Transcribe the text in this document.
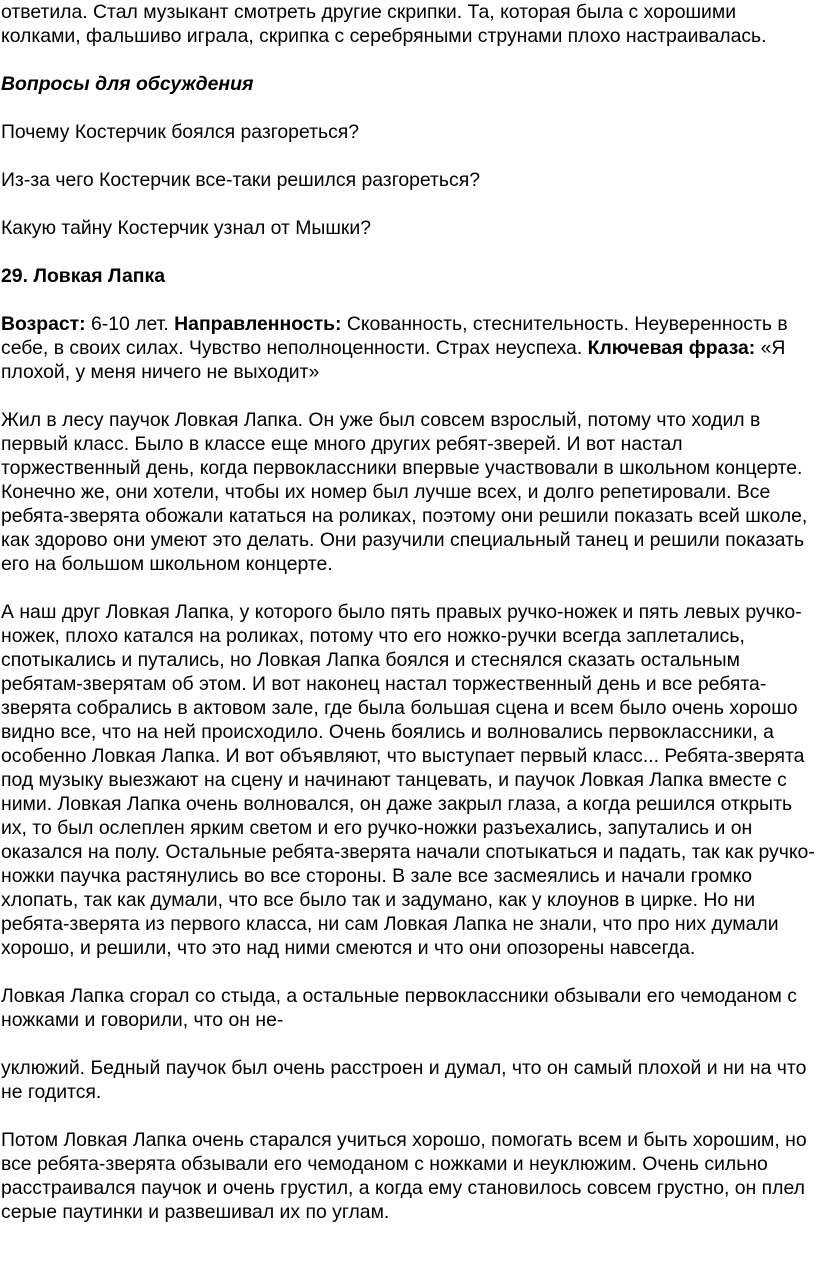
ответила. Стал музыкант смотреть другие скрипки. Та, которая была с хорошими колками, фальшиво играла, скрипка с серебряными струнами плохо настраивалась.

Вопросы для обсуждения

Почему Костерчик боялся разгореться?

Из-за чего Костерчик все-таки решился разгореться?

Какую тайну Костерчик узнал от Мышки?

29. Ловкая Лапка

Возраст: 6-10 лет. Направленность: Скованность, стеснительность. Неуверенность в себе, в своих силах. Чувство неполноценности. Страх неуспеха. Ключевая фраза: «Я плохой, у меня ничего не выходит»

Жил в лесу паучок Ловкая Лапка. Он уже был совсем взрослый, потому что ходил в первый класс. Было в классе еще много других ребят-зверей. И вот настал торжественный день, когда первоклассники впервые участвовали в школьном концерте. Конечно же, они хотели, чтобы их номер был лучше всех, и долго репетировали. Все ребята-зверята обожали кататься на роликах, поэтому они решили показать всей школе, как здорово они умеют это делать. Они разучили специальный танец и решили показать его на большом школьном концерте.

А наш друг Ловкая Лапка, у которого было пять правых ручко-ножек и пять левых ручко-ножек, плохо катался на роликах, потому что его ножко-ручки всегда заплетались, спотыкались и путались, но Ловкая Лапка боялся и стеснялся сказать остальным ребятам-зверятам об этом. И вот наконец настал торжественный день и все ребята-зверята собрались в актовом зале, где была большая сцена и всем было очень хорошо видно все, что на ней происходило. Очень боялись и волновались первоклассники, а особенно Ловкая Лапка. И вот объявляют, что выступает первый класс... Ребята-зверята под музыку выезжают на сцену и начинают танцевать, и паучок Ловкая Лапка вместе с ними. Ловкая Лапка очень волновался, он даже закрыл глаза, а когда решился открыть их, то был ослеплен ярким светом и его ручко-ножки разъехались, запутались и он оказался на полу. Остальные ребята-зверята начали спотыкаться и падать, так как ручко-ножки паучка растянулись во все стороны. В зале все засмеялись и начали громко хлопать, так как думали, что все было так и задумано, как у клоунов в цирке. Но ни ребята-зверята из первого класса, ни сам Ловкая Лапка не знали, что про них думали хорошо, и решили, что это над ними смеются и что они опозорены навсегда.

Ловкая Лапка сгорал со стыда, а остальные первоклассники обзывали его чемоданом с ножками и говорили, что он не-

уклюжий. Бедный паучок был очень расстроен и думал, что он самый плохой и ни на что не годится.

Потом Ловкая Лапка очень старался учиться хорошо, помогать всем и быть хорошим, но все ребята-зверята обзывали его чемоданом с ножками и неуклюжим. Очень сильно расстраивался паучок и очень грустил, а когда ему становилось совсем грустно, он плел серые паутинки и развешивал их по углам.
